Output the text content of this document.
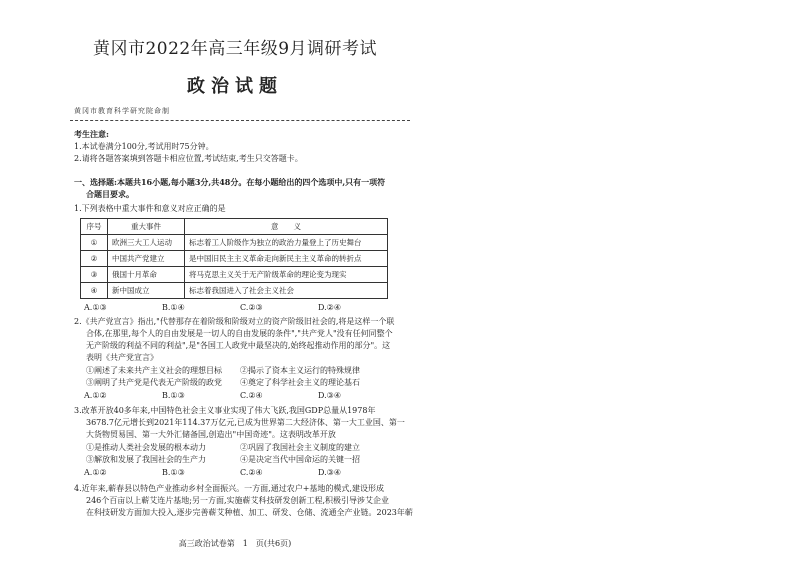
黄冈市2022年高三年级9月调研考试
政治试题
黄冈市教育科学研究院命制
考生注意:
1.本试卷满分100分,考试用时75分钟。
2.请将各题答案填到答题卡相应位置,考试结束,考生只交答题卡。
一、选择题:本题共16小题,每小题3分,共48分。在每小题给出的四个选项中,只有一项符
合题目要求。
1.下列表格中重大事件和意义对应正确的是
序号	重大事件	意　　义
①	欧洲三大工人运动	标志着工人阶级作为独立的政治力量登上了历史舞台
②	中国共产党建立	是中国旧民主主义革命走向新民主主义革命的转折点
③	俄国十月革命	将马克思主义关于无产阶级革命的理论变为现实
④	新中国成立	标志着我国进入了社会主义社会
A.①③	B.①④	C.②③	D.②④
2.《共产党宣言》指出,"代替那存在着阶级和阶级对立的资产阶级旧社会的,将是这样一个联
合体,在那里,每个人的自由发展是一切人的自由发展的条件","共产党人"没有任何同整个
无产阶级的利益不同的利益",是"各国工人政党中最坚决的,始终起推动作用的部分"。这
表明《共产党宣言》
①阐述了未来共产主义社会的理想目标 ②揭示了资本主义运行的特殊规律
③阐明了共产党是代表无产阶级的政党 ④奠定了科学社会主义的理论基石
A.①②	B.①③	C.②④	D.③④
3.改革开放40多年来,中国特色社会主义事业实现了伟大飞跃,我国GDP总量从1978年
3678.7亿元增长到2021年114.37万亿元,已成为世界第二大经济体、第一大工业国、第一
大货物贸易国、第一大外汇储备国,创造出"中国奇迹"。这表明改革开放
①是推动人类社会发展的根本动力	②巩固了我国社会主义制度的建立
③解放和发展了我国社会的生产力	④是决定当代中国命运的关键一招
A.①②	B.①③	C.②④	D.③④
4.近年来,蕲春县以特色产业推动乡村全面振兴。一方面,通过农户+基地的模式,建设形成
246个百亩以上蕲艾连片基地;另一方面,实施蕲艾科技研发创新工程,积极引导涉艾企业
在科技研发方面加大投入,逐步完善蕲艾种植、加工、研发、仓储、流通全产业链。2023年蕲
高三政治试卷第　1　页(共6页)
